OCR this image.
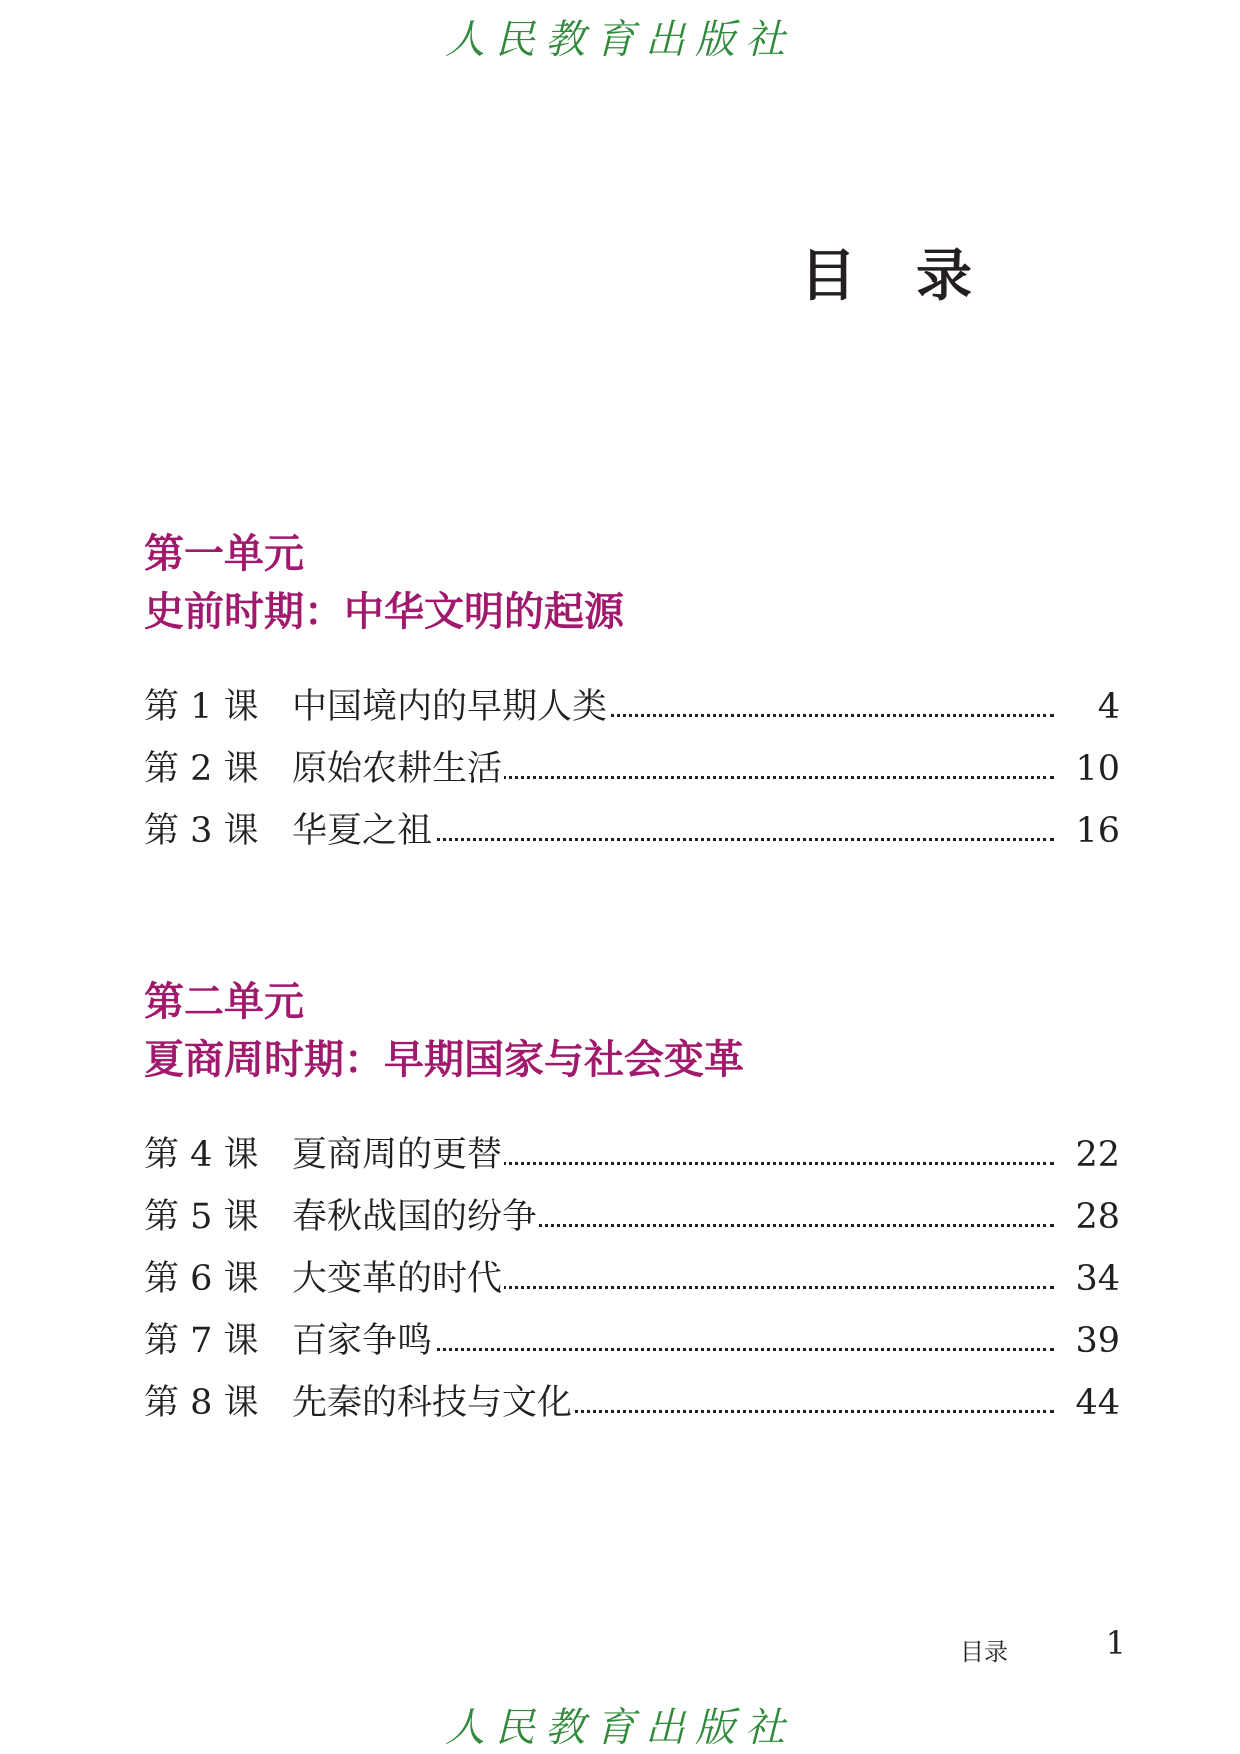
人民教育出版社
目 录
第一单元
史前时期：中华文明的起源
第 1 课 中国境内的早期人类	4
第 2 课 原始农耕生活	10
第 3 课 华夏之祖	16
第二单元
夏商周时期：早期国家与社会变革
第 4 课 夏商周的更替	22
第 5 课 春秋战国的纷争	28
第 6 课 大变革的时代	34
第 7 课 百家争鸣	39
第 8 课 先秦的科技与文化	44
目录	1
人民教育出版社
